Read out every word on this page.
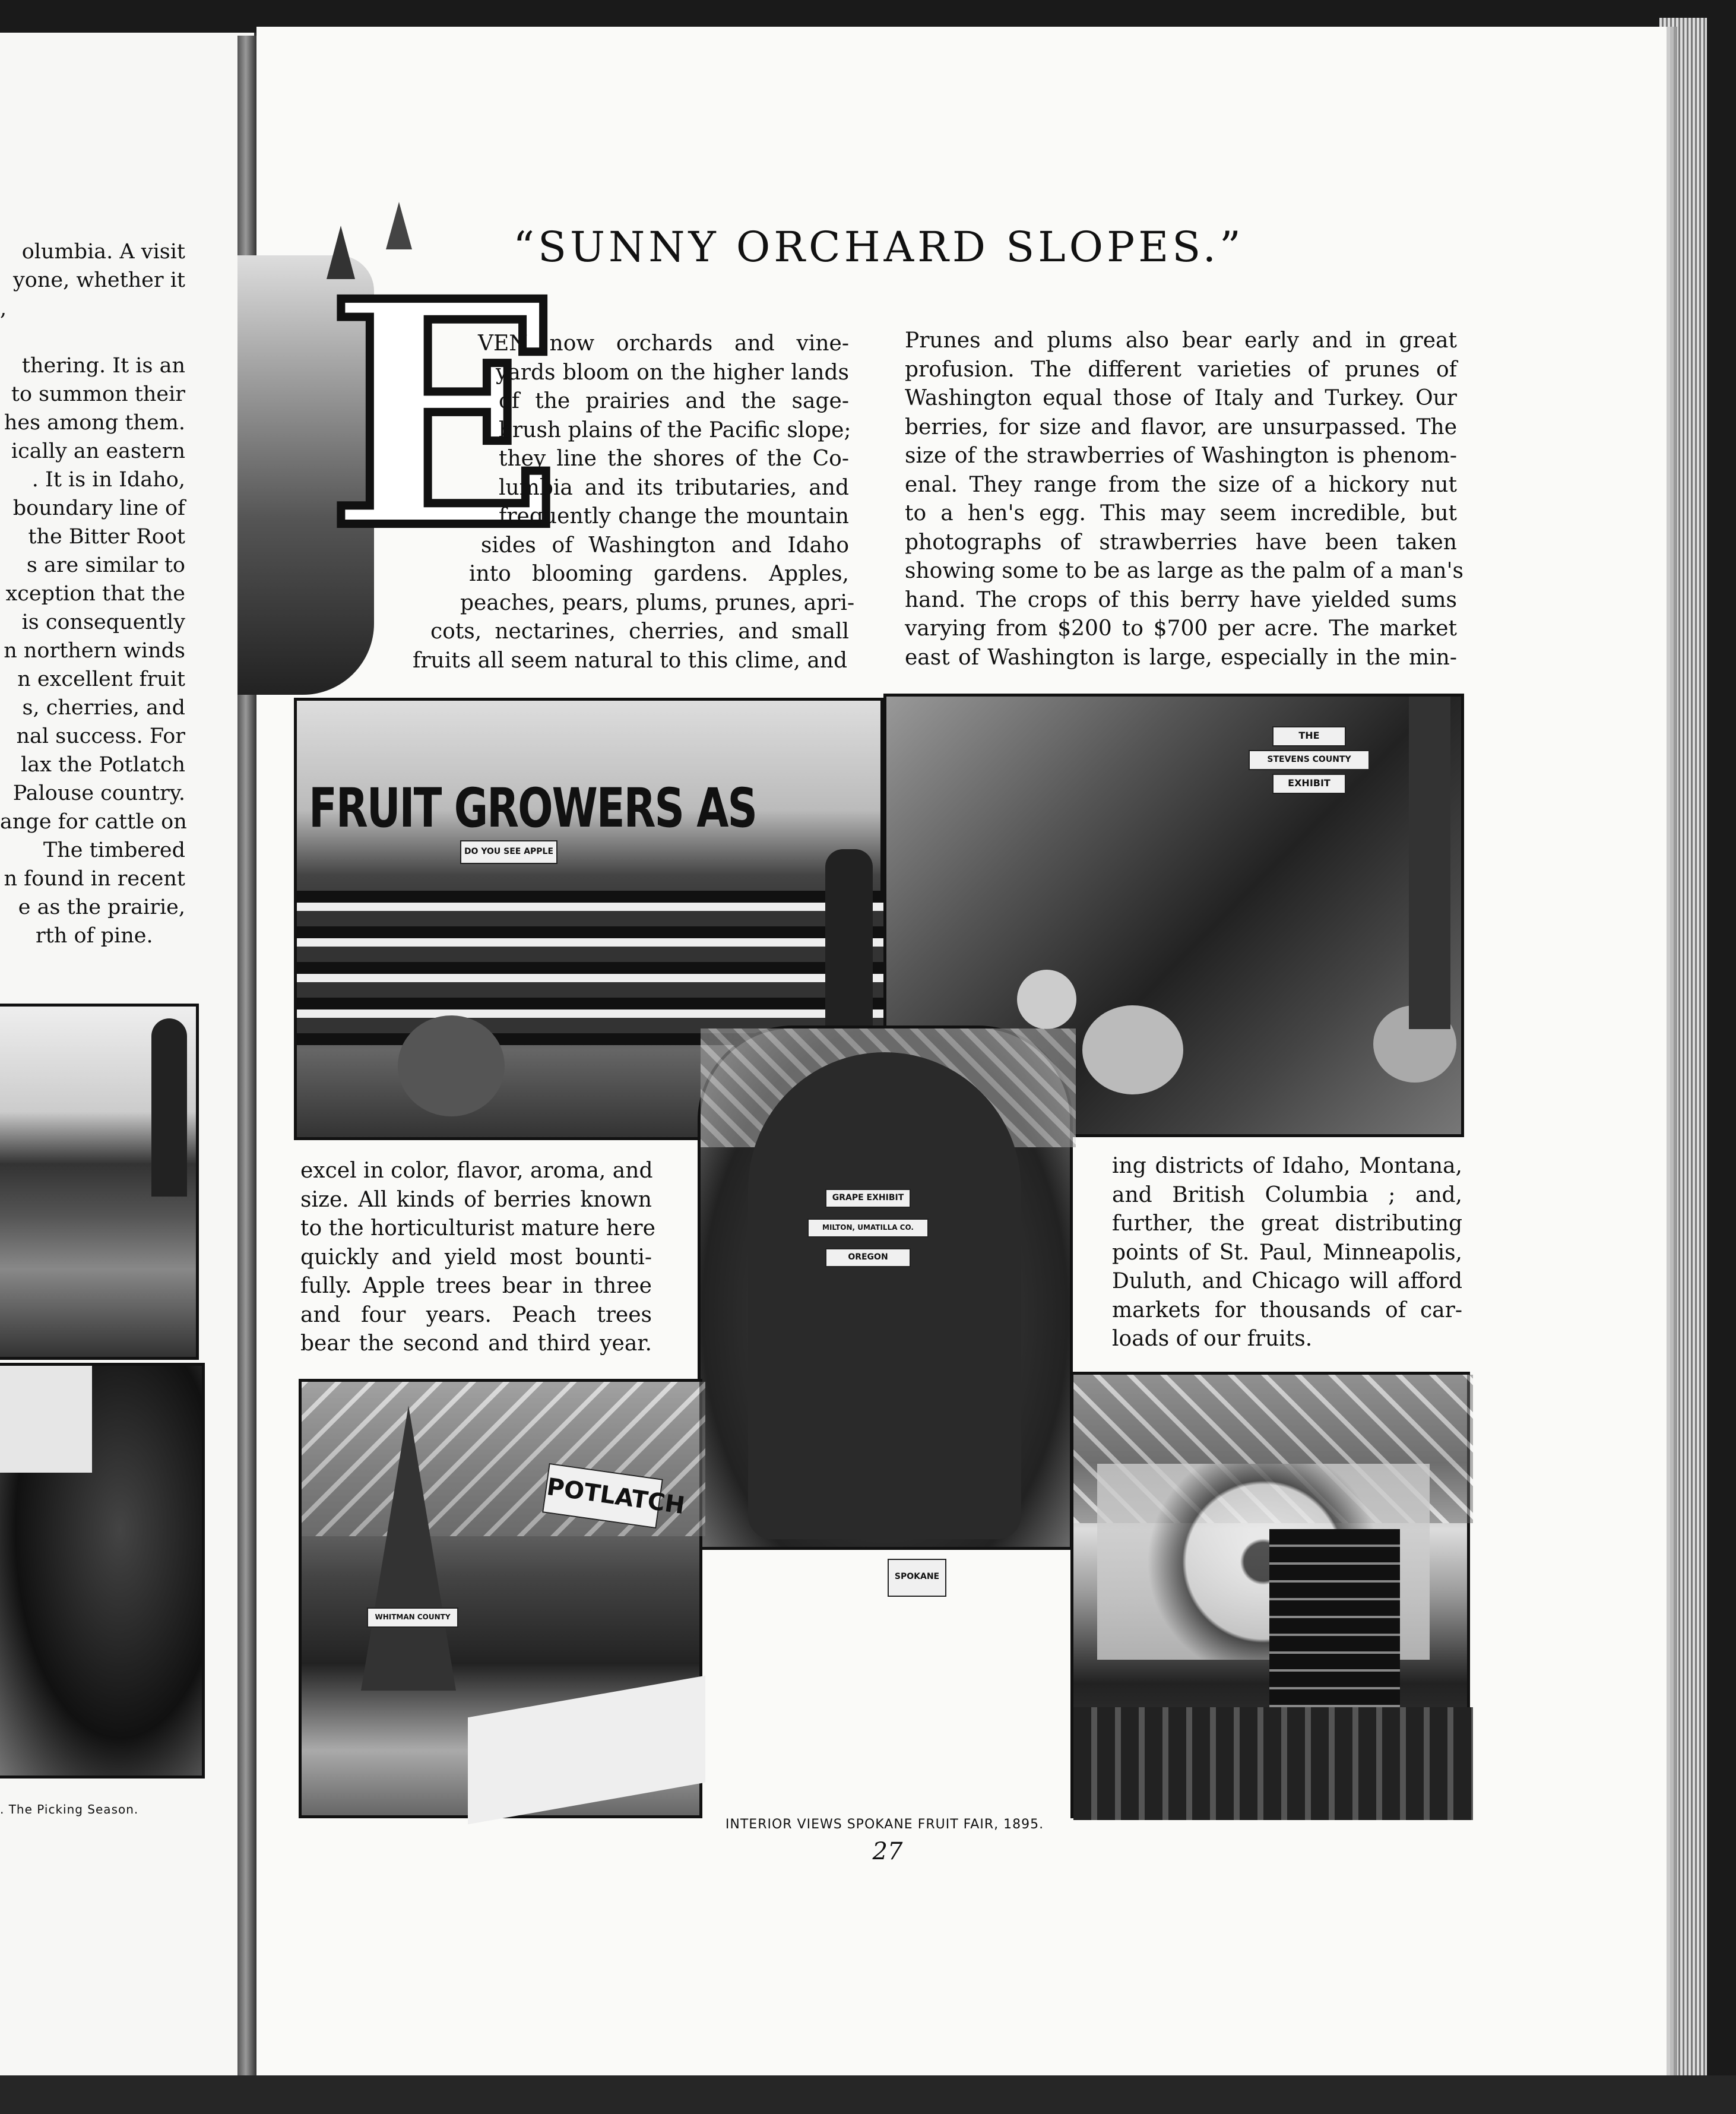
olumbia. A visit
yone, whether it
,
thering. It is an
to summon their
hes among them.
ically an eastern
. It is in Idaho,
boundary line of
the Bitter Root
s are similar to
xception that the
is consequently
n northern winds
n excellent fruit
s, cherries, and
nal success. For
lax the Potlatch
Palouse country.
ange for cattle on
The timbered
n found in recent
e as the prairie,
rth of pine.
. The Picking Season.
E
“SUNNY ORCHARD SLOPES.”
VEN now orchards and vine-
yards bloom on the higher lands
of the prairies and the sage-
brush plains of the Pacific slope;
they line the shores of the Co-
lumbia and its tributaries, and
frequently change the mountain
sides of Washington and Idaho
into blooming gardens. Apples,
peaches, pears, plums, prunes, apri-
cots, nectarines, cherries, and small
fruits all seem natural to this clime, and
Prunes and plums also bear early and in great
profusion. The different varieties of prunes of
Washington equal those of Italy and Turkey. Our
berries, for size and flavor, are unsurpassed. The
size of the strawberries of Washington is phenom-
enal. They range from the size of a hickory nut
to a hen's egg. This may seem incredible, but
photographs of strawberries have been taken
showing some to be as large as the palm of a man's
hand. The crops of this berry have yielded sums
varying from $200 to $700 per acre. The market
east of Washington is large, especially in the min-
FRUIT GROWERS AS
DO YOU SEE APPLE
THE
STEVENS COUNTY
EXHIBIT
GRAPE EXHIBIT
MILTON, UMATILLA CO.
OREGON
excel in color, flavor, aroma, and
size. All kinds of berries known
to the horticulturist mature here
quickly and yield most bounti-
fully. Apple trees bear in three
and four years. Peach trees
bear the second and third year.
ing districts of Idaho, Montana,
and British Columbia ; and,
further, the great distributing
points of St. Paul, Minneapolis,
Duluth, and Chicago will afford
markets for thousands of car-
loads of our fruits.
POTLATCH
WHITMAN COUNTY
SPOKANE
INTERIOR VIEWS SPOKANE FRUIT FAIR, 1895.
27
